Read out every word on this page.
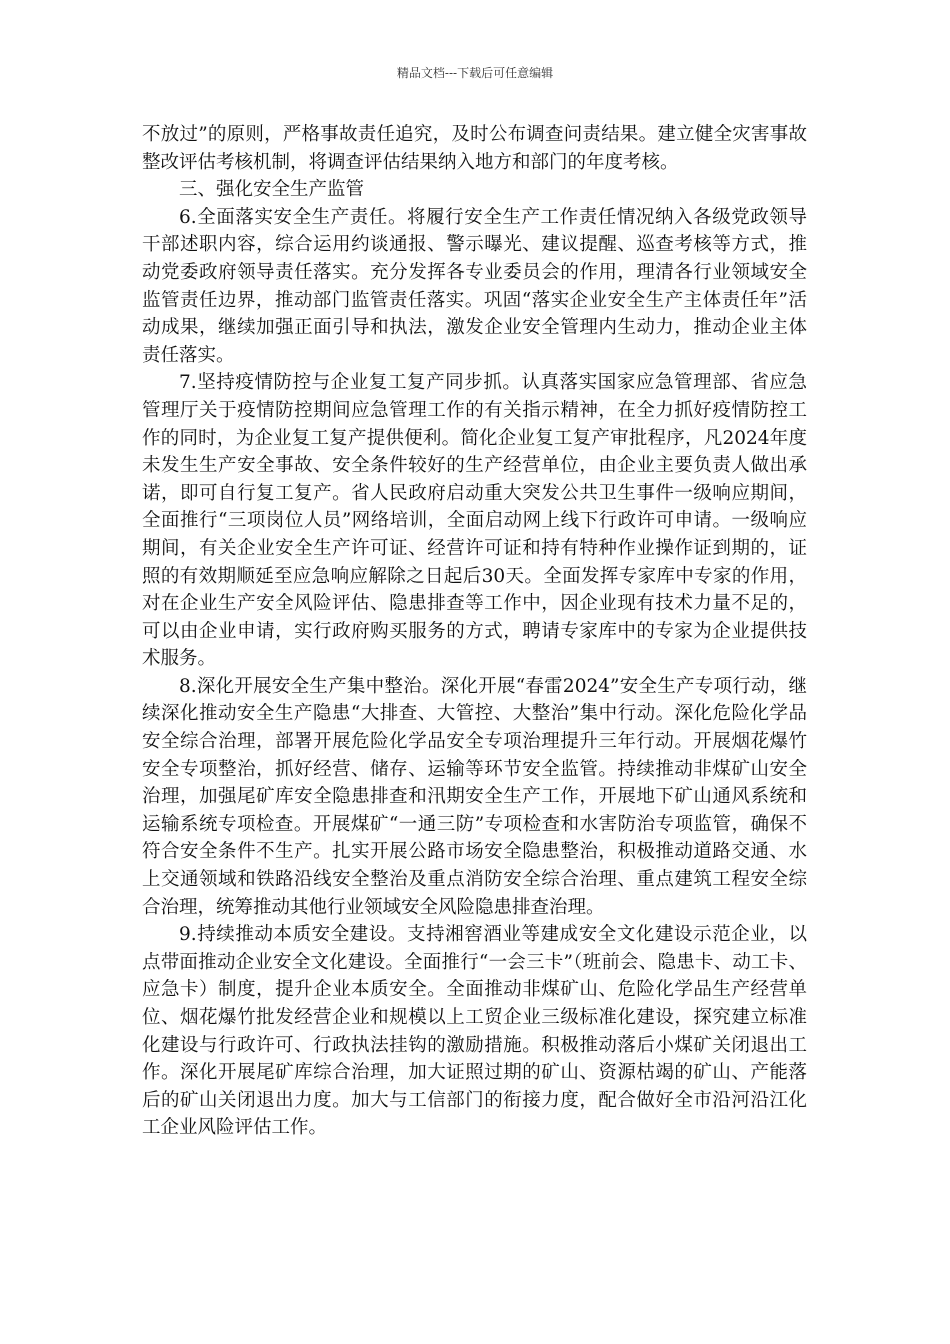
精品文档---下载后可任意编辑

不放过”的原则，严格事故责任追究，及时公布调查问责结果。建立健全灾害事故整改评估考核机制，将调查评估结果纳入地方和部门的年度考核。

三、强化安全生产监管

6.全面落实安全生产责任。将履行安全生产工作责任情况纳入各级党政领导干部述职内容，综合运用约谈通报、警示曝光、建议提醒、巡查考核等方式，推动党委政府领导责任落实。充分发挥各专业委员会的作用，理清各行业领域安全监管责任边界，推动部门监管责任落实。巩固“落实企业安全生产主体责任年”活动成果，继续加强正面引导和执法，激发企业安全管理内生动力，推动企业主体责任落实。

7.坚持疫情防控与企业复工复产同步抓。认真落实国家应急管理部、省应急管理厅关于疫情防控期间应急管理工作的有关指示精神，在全力抓好疫情防控工作的同时，为企业复工复产提供便利。简化企业复工复产审批程序，凡2024年度未发生生产安全事故、安全条件较好的生产经营单位，由企业主要负责人做出承诺，即可自行复工复产。省人民政府启动重大突发公共卫生事件一级响应期间，全面推行“三项岗位人员”网络培训，全面启动网上线下行政许可申请。一级响应期间，有关企业安全生产许可证、经营许可证和持有特种作业操作证到期的，证照的有效期顺延至应急响应解除之日起后30天。全面发挥专家库中专家的作用，对在企业生产安全风险评估、隐患排查等工作中，因企业现有技术力量不足的，可以由企业申请，实行政府购买服务的方式，聘请专家库中的专家为企业提供技术服务。

8.深化开展安全生产集中整治。深化开展“春雷2024”安全生产专项行动，继续深化推动安全生产隐患“大排查、大管控、大整治”集中行动。深化危险化学品安全综合治理，部署开展危险化学品安全专项治理提升三年行动。开展烟花爆竹安全专项整治，抓好经营、储存、运输等环节安全监管。持续推动非煤矿山安全治理，加强尾矿库安全隐患排查和汛期安全生产工作，开展地下矿山通风系统和运输系统专项检查。开展煤矿“一通三防”专项检查和水害防治专项监管，确保不符合安全条件不生产。扎实开展公路市场安全隐患整治，积极推动道路交通、水上交通领域和铁路沿线安全整治及重点消防安全综合治理、重点建筑工程安全综合治理，统筹推动其他行业领域安全风险隐患排查治理。

9.持续推动本质安全建设。支持湘窖酒业等建成安全文化建设示范企业，以点带面推动企业安全文化建设。全面推行“一会三卡”（班前会、隐患卡、动工卡、应急卡）制度，提升企业本质安全。全面推动非煤矿山、危险化学品生产经营单位、烟花爆竹批发经营企业和规模以上工贸企业三级标准化建设，探究建立标准化建设与行政许可、行政执法挂钩的激励措施。积极推动落后小煤矿关闭退出工作。深化开展尾矿库综合治理，加大证照过期的矿山、资源枯竭的矿山、产能落后的矿山关闭退出力度。加大与工信部门的衔接力度，配合做好全市沿河沿江化工企业风险评估工作。
